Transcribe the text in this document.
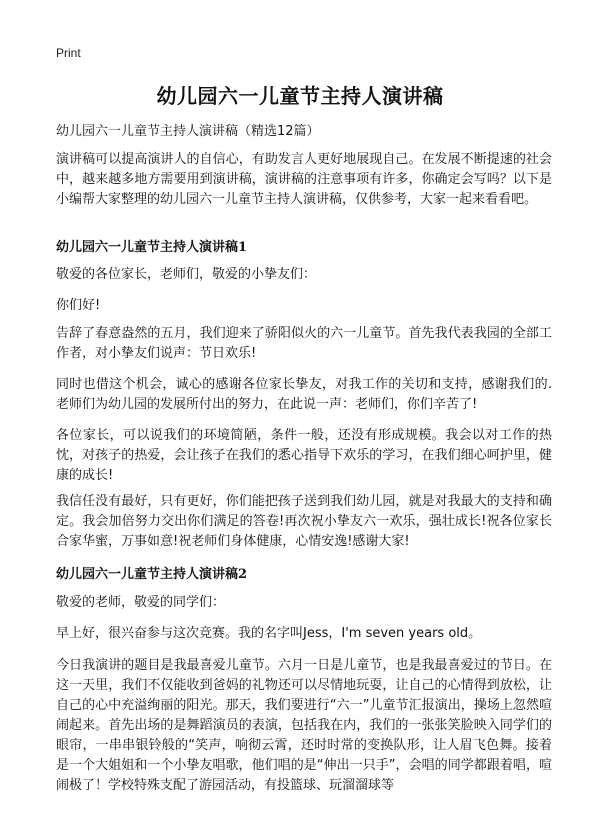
Print
幼儿园六一儿童节主持人演讲稿
幼儿园六一儿童节主持人演讲稿（精选12篇）
演讲稿可以提高演讲人的自信心，有助发言人更好地展现自己。在发展不断提速的社会中，越来越多地方需要用到演讲稿，演讲稿的注意事项有许多，你确定会写吗？以下是小编帮大家整理的幼儿园六一儿童节主持人演讲稿，仅供参考，大家一起来看看吧。
幼儿园六一儿童节主持人演讲稿1
敬爱的各位家长，老师们，敬爱的小挚友们：
你们好!
告辞了春意盎然的五月，我们迎来了骄阳似火的六一儿童节。首先我代表我园的全部工作者，对小挚友们说声：节日欢乐!
同时也借这个机会，诚心的感谢各位家长挚友，对我工作的关切和支持，感谢我们的.老师们为幼儿园的发展所付出的努力，在此说一声：老师们，你们辛苦了!
各位家长，可以说我们的环境简陋，条件一般，还没有形成规模。我会以对工作的热忱，对孩子的热爱，会让孩子在我们的悉心指导下欢乐的学习，在我们细心呵护里，健康的成长!
我信任没有最好，只有更好，你们能把孩子送到我们幼儿园，就是对我最大的支持和确定。我会加倍努力交出你们满足的答卷!再次祝小挚友六一欢乐，强壮成长!祝各位家长合家华蜜，万事如意!祝老师们身体健康，心情安逸!感谢大家!
幼儿园六一儿童节主持人演讲稿2
敬爱的老师，敬爱的同学们：
早上好，很兴奋参与这次竞赛。我的名字叫Jess，I'm seven years old。
今日我演讲的题目是我最喜爱儿童节。六月一日是儿童节，也是我最喜爱过的节日。在这一天里，我们不仅能收到爸妈的礼物还可以尽情地玩耍，让自己的心情得到放松，让自己的心中充溢绚丽的阳光。那天，我们要进行“六一”儿童节汇报演出，操场上忽然喧闹起来。首先出场的是舞蹈演员的表演，包括我在内，我们的一张张笑脸映入同学们的眼帘，一串串银铃般的“笑声，响彻云霄，还时时常的变换队形，让人眉飞色舞。接着是一个大姐姐和一个小挚友唱歌，他们唱的是“伸出一只手”，会唱的同学都跟着唱，喧闹极了！学校特殊支配了游园活动，有投篮球、玩溜溜球等
